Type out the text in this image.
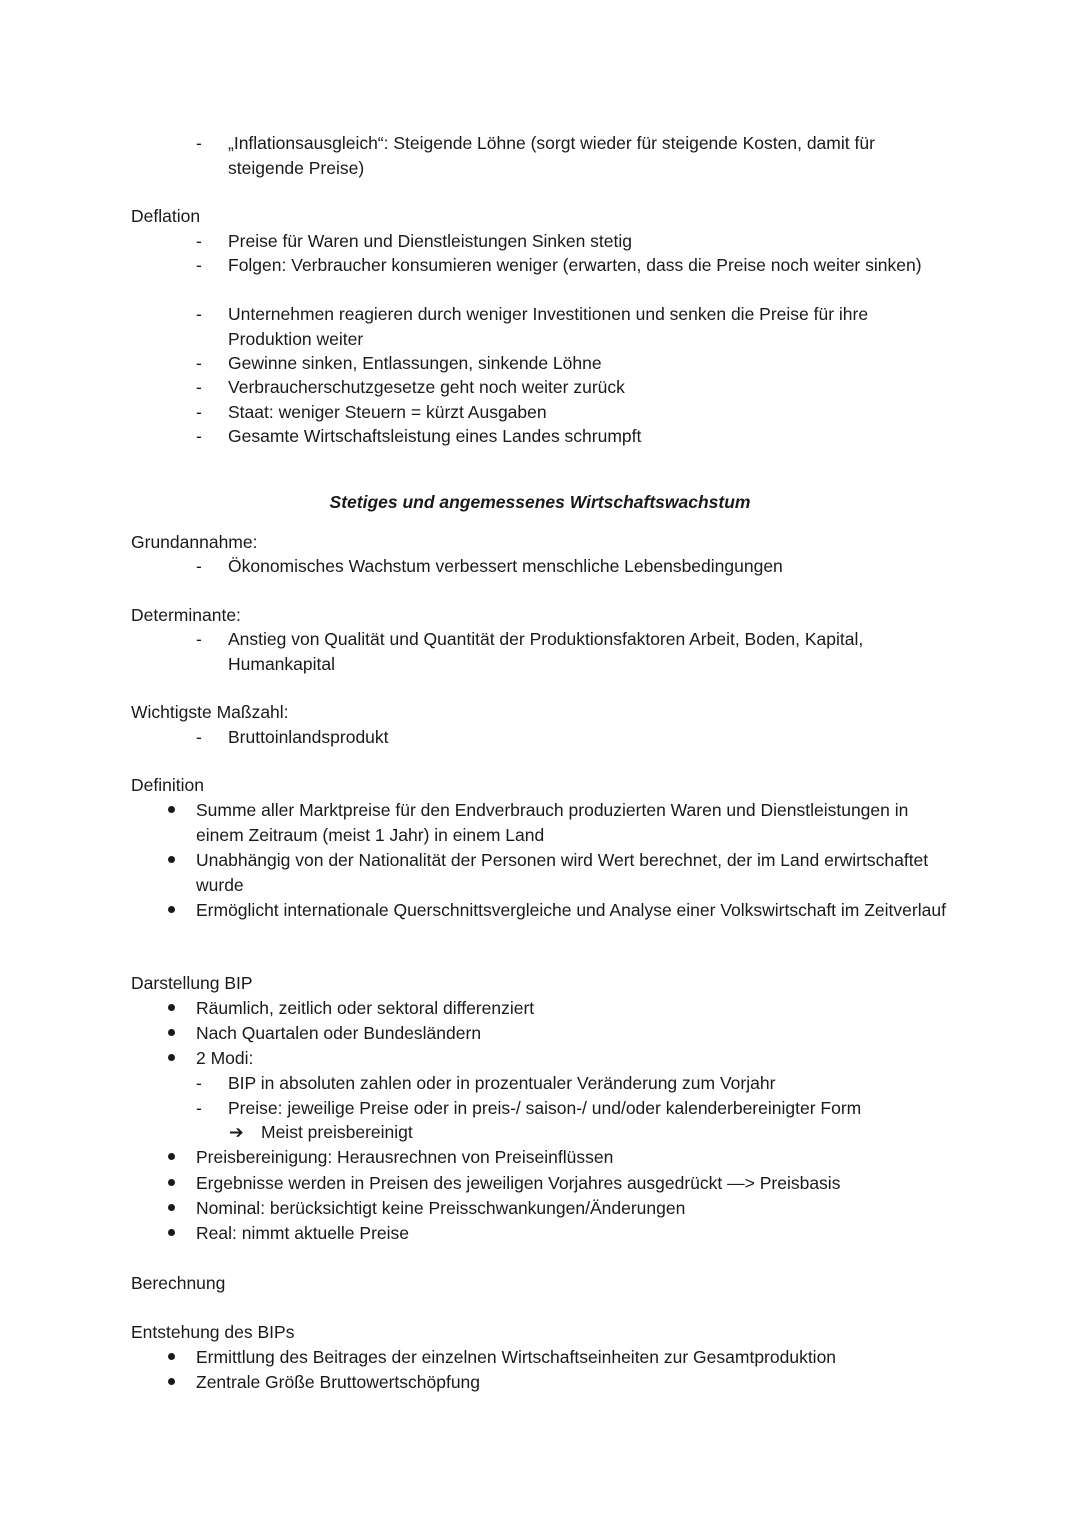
- „Inflationsausgleich“: Steigende Löhne (sorgt wieder für steigende Kosten, damit für steigende Preise)
Deflation
- Preise für Waren und Dienstleistungen Sinken stetig
- Folgen: Verbraucher konsumieren weniger (erwarten, dass die Preise noch weiter sinken)
- Unternehmen reagieren durch weniger Investitionen und senken die Preise für ihre Produktion weiter
- Gewinne sinken, Entlassungen, sinkende Löhne
- Verbraucherschutzgesetze geht noch weiter zurück
- Staat: weniger Steuern = kürzt Ausgaben
- Gesamte Wirtschaftsleistung eines Landes schrumpft
Stetiges und angemessenes Wirtschaftswachstum
Grundannahme:
- Ökonomisches Wachstum verbessert menschliche Lebensbedingungen
Determinante:
- Anstieg von Qualität und Quantität der Produktionsfaktoren Arbeit, Boden, Kapital, Humankapital
Wichtigste Maßzahl:
- Bruttoinlandsprodukt
Definition
Summe aller Marktpreise für den Endverbrauch produzierten Waren und Dienstleistungen in einem Zeitraum (meist 1 Jahr) in einem Land
Unabhängig von der Nationalität der Personen wird Wert berechnet, der im Land erwirtschaftet wurde
Ermöglicht internationale Querschnittsvergleiche und Analyse einer Volkswirtschaft im Zeitverlauf
Darstellung BIP
Räumlich, zeitlich oder sektoral differenziert
Nach Quartalen oder Bundesländern
2 Modi:
- BIP in absoluten zahlen oder in prozentualer Veränderung zum Vorjahr
- Preise: jeweilige Preise oder in preis-/ saison-/ und/oder kalenderbereinigter Form
➔ Meist preisbereinigt
Preisbereinigung: Herausrechnen von Preiseinflüssen
Ergebnisse werden in Preisen des jeweiligen Vorjahres ausgedrückt —> Preisbasis
Nominal: berücksichtigt keine Preisschwankungen/Änderungen
Real: nimmt aktuelle Preise
Berechnung
Entstehung des BIPs
Ermittlung des Beitrages der einzelnen Wirtschaftseinheiten zur Gesamtproduktion
Zentrale Größe Bruttowertschöpfung
